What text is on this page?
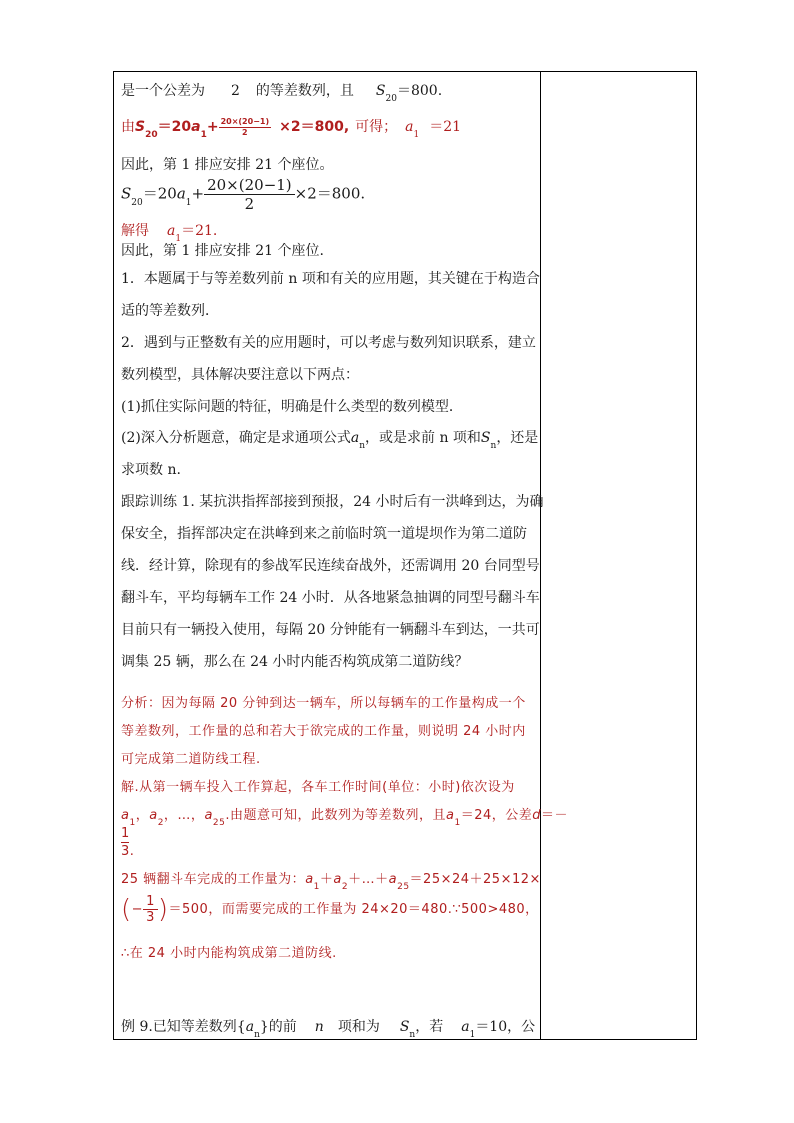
是一个公差为 2 的等差数列，且 $S_{20}=800$.
由$S_{20}=20a_1+ \frac{20\times(20-1)}{2} \times 2=800$, 可得； $a_1 =21$
因此，第 1 排应安排 21 个座位。
$S_{20}=20a_1+ \frac{20\times(20-1)}{2} \times 2=800$.
解得 $a_1=21$.
因此，第 1 排应安排 21 个座位.
1．本题属于与等差数列前 n 项和有关的应用题，其关键在于构造合
适的等差数列．
2．遇到与正整数有关的应用题时，可以考虑与数列知识联系，建立
数列模型，具体解决要注意以下两点：
(1)抓住实际问题的特征，明确是什么类型的数列模型．
(2)深入分析题意，确定是求通项公式$a_n$，或是求前 n 项和$S_n$，还是
求项数 n.
跟踪训练 1. 某抗洪指挥部接到预报，24 小时后有一洪峰到达，为确
保安全，指挥部决定在洪峰到来之前临时筑一道堤坝作为第二道防
线．经计算，除现有的参战军民连续奋战外，还需调用 20 台同型号
翻斗车，平均每辆车工作 24 小时．从各地紧急抽调的同型号翻斗车
目前只有一辆投入使用，每隔 20 分钟能有一辆翻斗车到达，一共可
调集 25 辆，那么在 24 小时内能否构筑成第二道防线？
分析：因为每隔 20 分钟到达一辆车，所以每辆车的工作量构成一个
等差数列，工作量的总和若大于欲完成的工作量，则说明 24 小时内
可完成第二道防线工程.
解.从第一辆车投入工作算起，各车工作时间(单位：小时)依次设为
$a_1$，$a_2$，…，$a_{25}$.由题意可知，此数列为等差数列，且$a_1=24$，公差d＝－
1
3.
25 辆翻斗车完成的工作量为：$a_1+a_2+\dots+a_{25}=25\times 24+25\times 12\times$
(− $\frac{1}{3} )=500$，而需要完成的工作量为 24×20＝480.∵500>480，
∴在 24 小时内能构筑成第二道防线.
例 9.已知等差数列$\{a_n\}$的前 n 项和为 $S_n$，若 $a_1=10$，公
